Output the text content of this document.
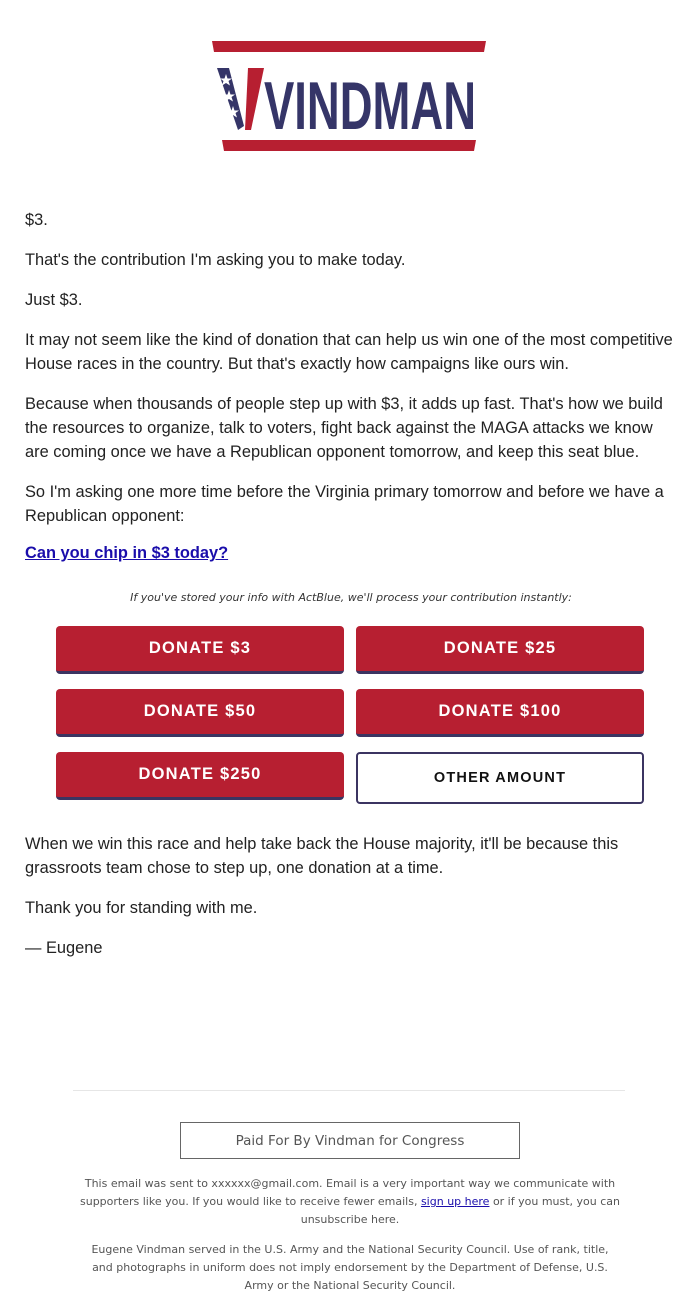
VINDMAN

$3.

That's the contribution I'm asking you to make today.

Just $3.

It may not seem like the kind of donation that can help us win one of the most competitive House races in the country. But that's exactly how campaigns like ours win.

Because when thousands of people step up with $3, it adds up fast. That's how we build the resources to organize, talk to voters, fight back against the MAGA attacks we know are coming once we have a Republican opponent tomorrow, and keep this seat blue.

So I'm asking one more time before the Virginia primary tomorrow and before we have a Republican opponent:

Can you chip in $3 today?
If you've stored your info with ActBlue, we'll process your contribution instantly:
DONATE $3	DONATE $25
DONATE $50	DONATE $100
DONATE $250	OTHER AMOUNT

When we win this race and help take back the House majority, it'll be because this grassroots team chose to step up, one donation at a time.

Thank you for standing with me.

— Eugene

Paid For By Vindman for Congress
This email was sent to xxxxxx@gmail.com. Email is a very important way we communicate with supporters like you. If you would like to receive fewer emails, sign up here or if you must, you can unsubscribe here.
Eugene Vindman served in the U.S. Army and the National Security Council. Use of rank, title, and photographs in uniform does not imply endorsement by the Department of Defense, U.S. Army or the National Security Council.
